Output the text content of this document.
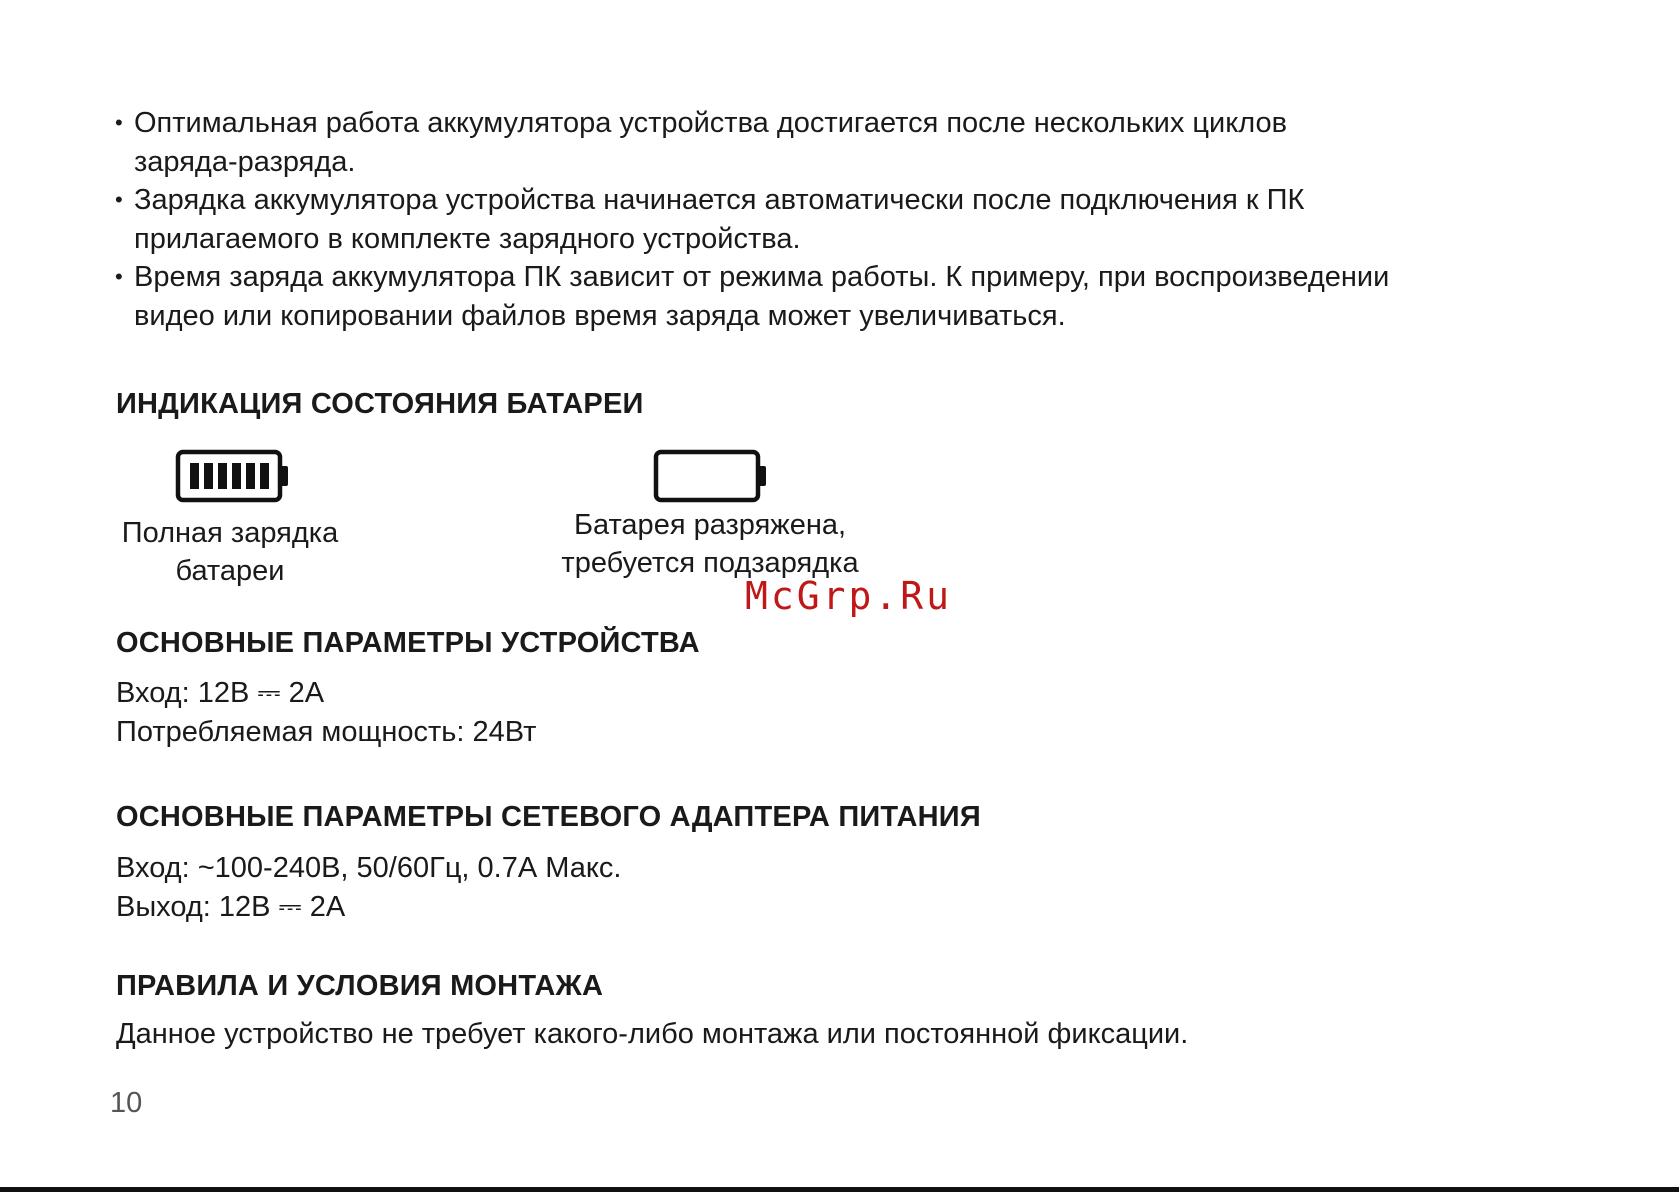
• Оптимальная работа аккумулятора устройства достигается после нескольких циклов
заряда-разряда.
• Зарядка аккумулятора устройства начинается автоматически после подключения к ПК
прилагаемого в комплекте зарядного устройства.
• Время заряда аккумулятора ПК зависит от режима работы. К примеру, при воспроизведении
видео или копировании файлов время заряда может увеличиваться.
ИНДИКАЦИЯ СОСТОЯНИЯ БАТАРЕИ
Полная зарядка
батареи
Батарея разряжена,
требуется подзарядка
McGrp.Ru
ОСНОВНЫЕ ПАРАМЕТРЫ УСТРОЙСТВА
Вход: 12В ⎓ 2А
Потребляемая мощность: 24Вт
ОСНОВНЫЕ ПАРАМЕТРЫ СЕТЕВОГО АДАПТЕРА ПИТАНИЯ
Вход: ~100-240В, 50/60Гц, 0.7А Макс.
Выход: 12В ⎓ 2А
ПРАВИЛА И УСЛОВИЯ МОНТАЖА
Данное устройство не требует какого-либо монтажа или постоянной фиксации.
10
